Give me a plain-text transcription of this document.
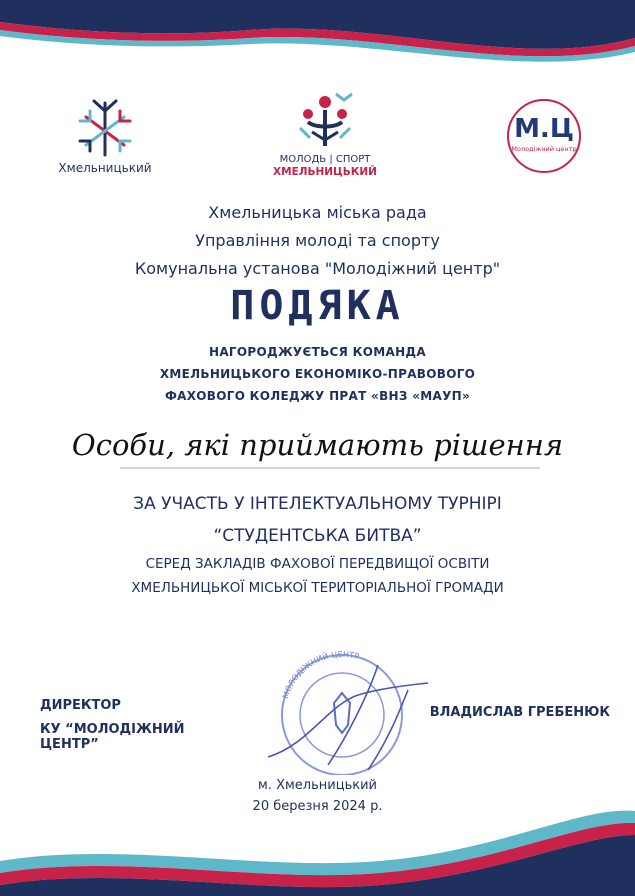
Хмельницький
МОЛОДЬ | СПОРТ
ХМЕЛЬНИЦЬКИЙ
М.Ц
Молодіжний центр
Хмельницька міська рада
Управління молоді та спорту
Комунальна установа "Молодіжний центр"
ПОДЯКА
НАГОРОДЖУЄТЬСЯ КОМАНДА
ХМЕЛЬНИЦЬКОГО ЕКОНОМІКО-ПРАВОВОГО
ФАХОВОГО КОЛЕДЖУ ПРАТ «ВНЗ «МАУП»
Особи, які приймають рішення
ЗА УЧАСТЬ У ІНТЕЛЕКТУАЛЬНОМУ ТУРНІРІ
“СТУДЕНТСЬКА БИТВА”
СЕРЕД ЗАКЛАДІВ ФАХОВОЇ ПЕРЕДВИЩОЇ ОСВІТИ
ХМЕЛЬНИЦЬКОЇ МІСЬКОЇ ТЕРИТОРІАЛЬНОЇ ГРОМАДИ
МОЛОДІЖНИЙ ЦЕНТР
ДИРЕКТОР
КУ “МОЛОДІЖНИЙ ЦЕНТР”
ВЛАДИСЛАВ ГРЕБЕНЮК
м. Хмельницький
20 березня 2024 р.
